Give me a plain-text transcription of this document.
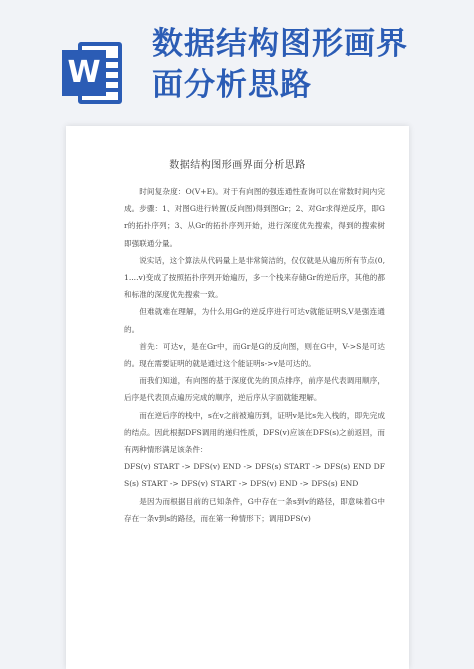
W
数据结构图形画界
面分析思路
数据结构图形画界面分析思路

时间复杂度：O(V+E)。对于有向图的强连通性查询可以在常数时间内完成。步骤：1、对图G进行转置(反向图)得到图Gr；2、对Gr求得逆反序，即Gr的拓扑序列；3、从Gr的拓扑序列开始，进行深度优先搜索，得到的搜索树即强联通分量。

说实话，这个算法从代码量上是非常简洁的，仅仅就是从遍历所有节点(0,1....v)变成了按照拓扑序列开始遍历，多一个栈来存储Gr的逆后序，其他的都和标准的深度优先搜索一致。

但难就难在理解，为什么用Gr的逆反序进行可达v就能证明S,V是强连通的。

首先：可达v，是在Gr中，而Gr是G的反向图，则在G中，V->S是可达的。现在需要证明的就是通过这个能证明s->v是可达的。

而我们知道，有向图的基于深度优先的顶点排序，前序是代表调用顺序，后序是代表顶点遍历完成的顺序，逆后序从字面就能理解。

而在逆后序的栈中，s在v之前被遍历到，证明v是比s先入栈的，即先完成的结点。因此根据DFS调用的递归性质，DFS(v)应该在DFS(s)之前返回，而有两种情形满足该条件：

DFS(v) START -> DFS(v) END -> DFS(s) START -> DFS(s) END DFS(s) START -> DFS(v) START -> DFS(v) END -> DFS(s) END

是因为而根据目前的已知条件，G中存在一条s到v的路径，即意味着G中存在一条v到s的路径，而在第一种情形下；调用DFS(v)
